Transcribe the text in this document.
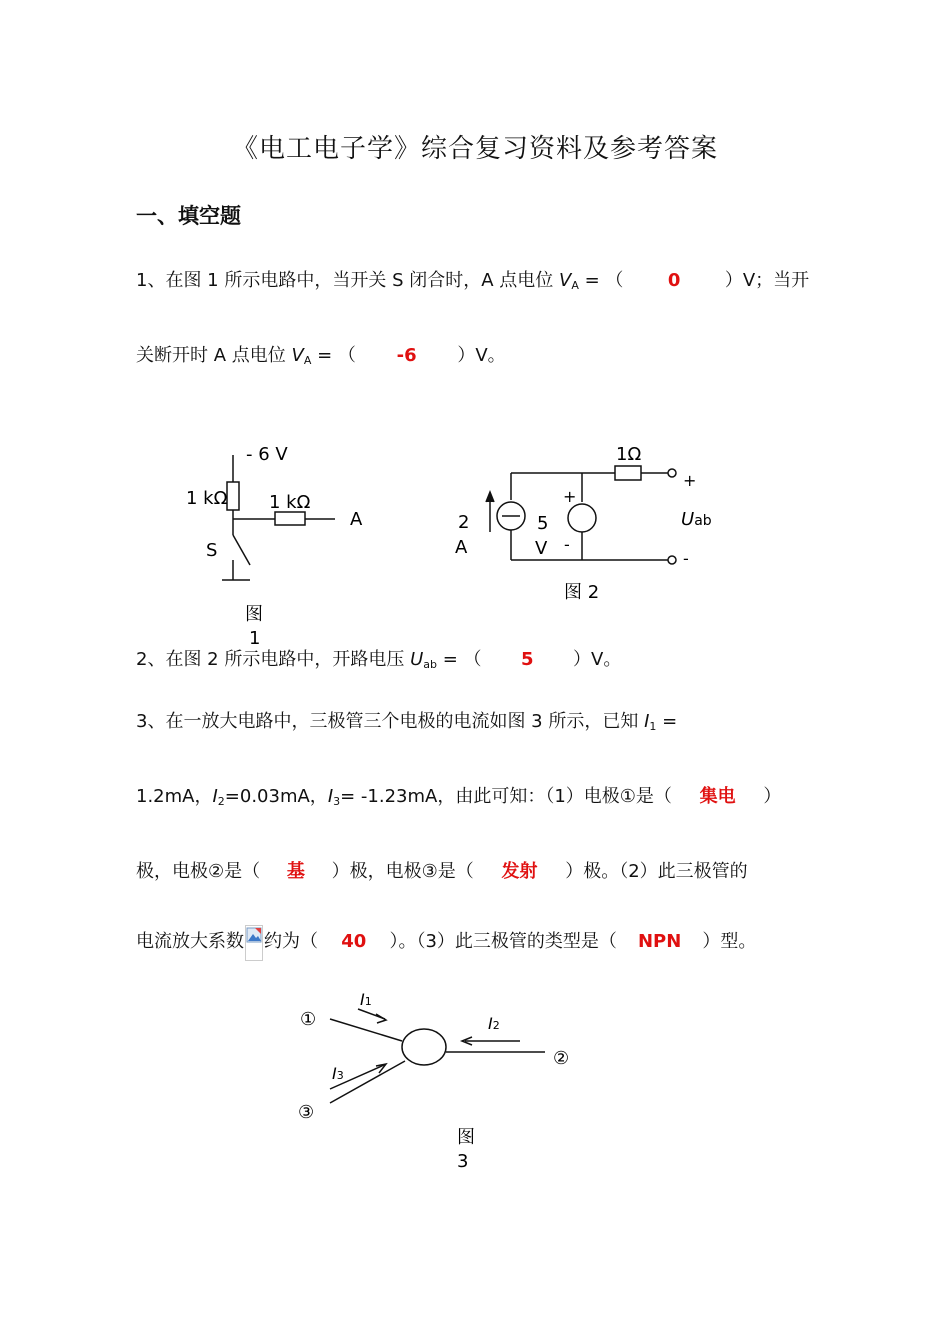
《电工电子学》综合复习资料及参考答案
一、填空题
1、在图 1 所示电路中，当开关 S 闭合时，A 点电位 $V_A$ = （ 0 ）V；当开
关断开时 A 点电位 $V_A$ = （ -6 ）V。
- 6 V
1 kΩ 1 kΩ
A
S
图
1
1Ω
+
-
Uab
2
A
5
V
+
-
图 2
2、在图 2 所示电路中，开路电压 $U_{ab}$ = （ 5 ）V。
3、在一放大电路中，三极管三个电极的电流如图 3 所示，已知 $I_1$ =
1.2mA，$I_2=0.03mA$，$I_3= -1.23mA$，由此可知：（1）电极①是（ 集电 ）
极，电极②是（ 基 ）极，电极③是（ 发射 ）极。（2）此三极管的
电流放大系数 约为（ 40 ）。（3）此三极管的类型是（ NPN ）型。
①
②
③
I1
I2
I3
图
3
